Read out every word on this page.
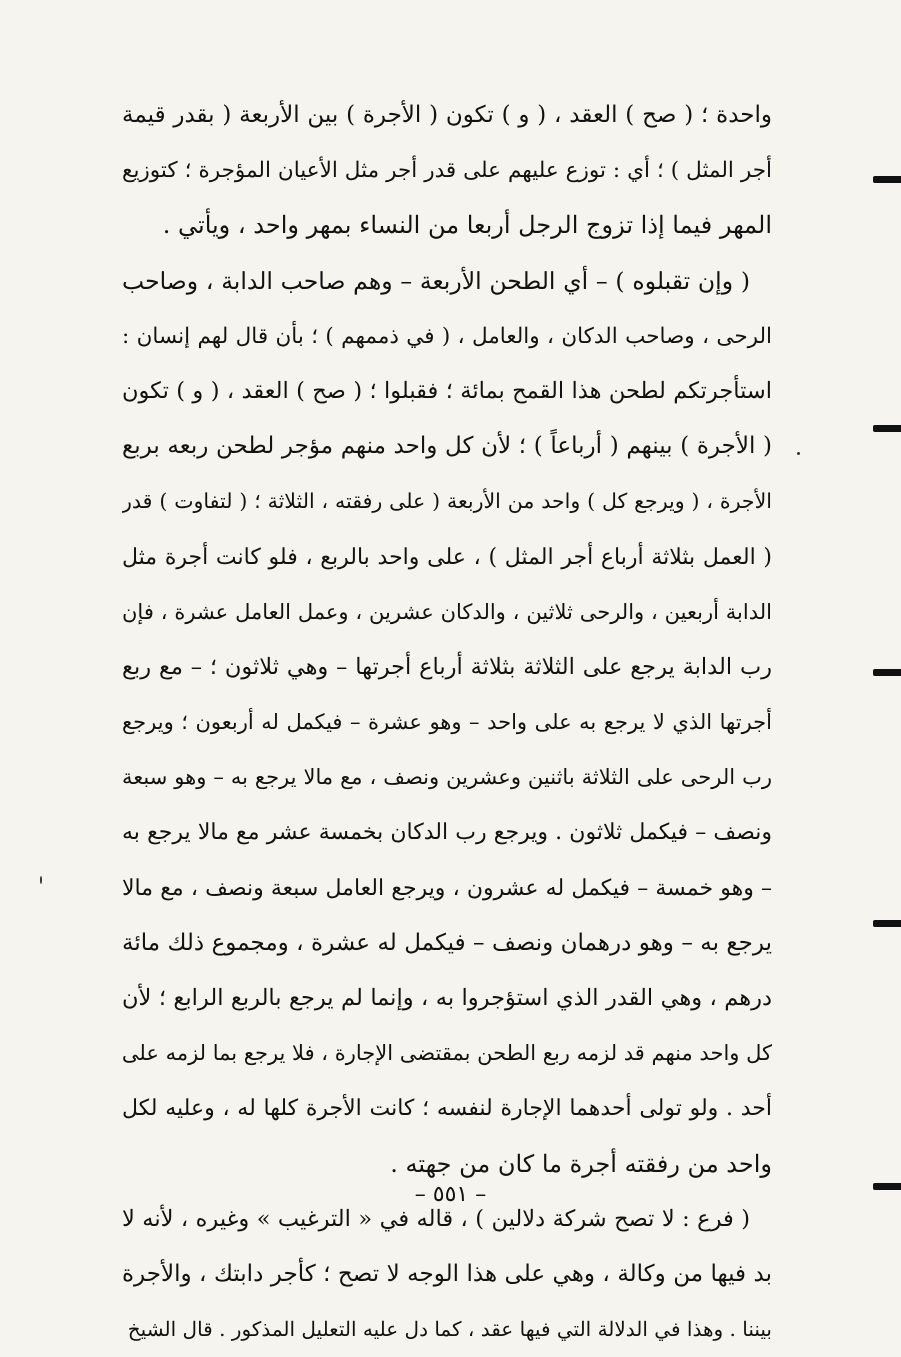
واحدة ؛ ( صح ) العقد ، ( و ) تكون ( الأجرة ) بين الأربعة ( بقدر قيمة
أجر المثل ) ؛ أي : توزع عليهم على قدر أجر مثل الأعيان المؤجرة ؛ كتوزيع
المهر فيما إذا تزوج الرجل أربعا من النساء بمهر واحد ، ويأتي .
( وإن تقبلوه ) – أي الطحن الأربعة – وهم صاحب الدابة ، وصاحب
الرحى ، وصاحب الدكان ، والعامل ، ( في ذممهم ) ؛ بأن قال لهم إنسان :
استأجرتكم لطحن هذا القمح بمائة ؛ فقبلوا ؛ ( صح ) العقد ، ( و ) تكون
( الأجرة ) بينهم ( أرباعاً ) ؛ لأن كل واحد منهم مؤجر لطحن ربعه بربع
الأجرة ، ( ويرجع كل ) واحد من الأربعة ( على رفقته ، الثلاثة ؛ ( لتفاوت ) قدر
( العمل بثلاثة أرباع أجر المثل ) ، على واحد بالربع ، فلو كانت أجرة مثل
الدابة أربعين ، والرحى ثلاثين ، والدكان عشرين ، وعمل العامل عشرة ، فإن
رب الدابة يرجع على الثلاثة بثلاثة أرباع أجرتها – وهي ثلاثون ؛ – مع ربع
أجرتها الذي لا يرجع به على واحد – وهو عشرة – فيكمل له أربعون ؛ ويرجع
رب الرحى على الثلاثة باثنين وعشرين ونصف ، مع مالا يرجع به – وهو سبعة
ونصف – فيكمل ثلاثون . ويرجع رب الدكان بخمسة عشر مع مالا يرجع به
– وهو خمسة – فيكمل له عشرون ، ويرجع العامل سبعة ونصف ، مع مالا
يرجع به – وهو درهمان ونصف – فيكمل له عشرة ، ومجموع ذلك مائة
درهم ، وهي القدر الذي استؤجروا به ، وإنما لم يرجع بالربع الرابع ؛ لأن
كل واحد منهم قد لزمه ربع الطحن بمقتضى الإجارة ، فلا يرجع بما لزمه على
أحد . ولو تولى أحدهما الإجارة لنفسه ؛ كانت الأجرة كلها له ، وعليه لكل
واحد من رفقته أجرة ما كان من جهته .
( فرع : لا تصح شركة دلالين ) ، قاله في « الترغيب » وغيره ، لأنه لا
بد فيها من وكالة ، وهي على هذا الوجه لا تصح ؛ كأجر دابتك ، والأجرة
بيننا . وهذا في الدلالة التي فيها عقد ، كما دل عليه التعليل المذكور . قال الشيخ
– ٥٥١ –
